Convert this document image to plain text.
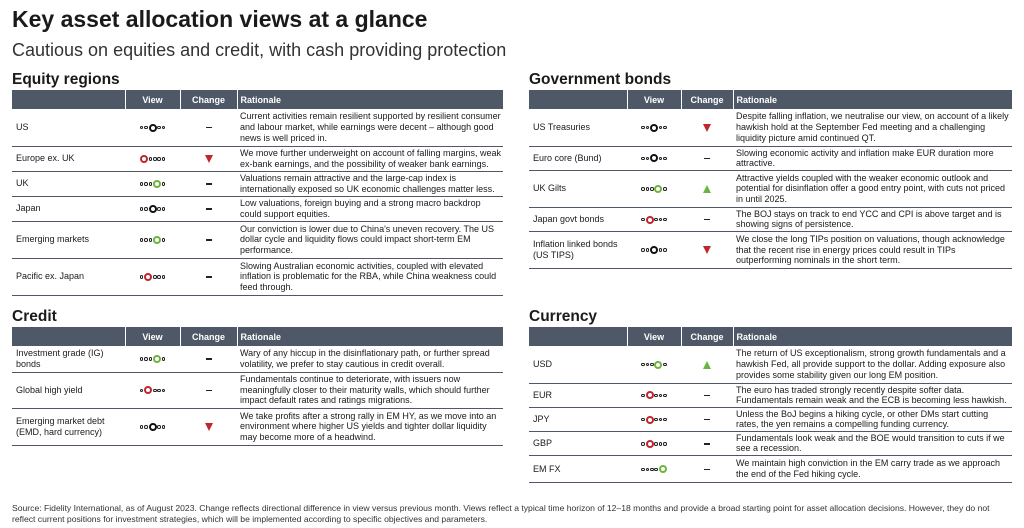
Key asset allocation views at a glance
Cautious on equities and credit, with cash providing protection
Equity regions
	View	Change	Rationale
US			Current activities remain resilient supported by resilient consumer and labour market, while earnings were decent – although good news is well priced in.
Europe ex. UK			We move further underweight on account of falling margins, weak ex-bank earnings, and the possibility of weaker bank earnings.
UK			Valuations remain attractive and the large-cap index is internationally exposed so UK economic challenges matter less.
Japan			Low valuations, foreign buying and a strong macro backdrop could support equities.
Emerging markets			Our conviction is lower due to China's uneven recovery. The US dollar cycle and liquidity flows could impact short-term EM performance.
Pacific ex. Japan			Slowing Australian economic activities, coupled with elevated inflation is problematic for the RBA, while China weakness could feed through.
Credit
	View	Change	Rationale
Investment grade (IG) bonds			Wary of any hiccup in the disinflationary path, or further spread volatility, we prefer to stay cautious in credit overall.
Global high yield			Fundamentals continue to deteriorate, with issuers now meaningfully closer to their maturity walls, which should further impact default rates and ratings migrations.
Emerging market debt (EMD, hard currency)			We take profits after a strong rally in EM HY, as we move into an environment where higher US yields and tighter dollar liquidity may become more of a headwind.
Government bonds
	View	Change	Rationale
US Treasuries			Despite falling inflation, we neutralise our view, on account of a likely hawkish hold at the September Fed meeting and a challenging liquidity picture amid continued QT.
Euro core (Bund)			Slowing economic activity and inflation make EUR duration more attractive.
UK Gilts			Attractive yields coupled with the weaker economic outlook and potential for disinflation offer a good entry point, with cuts not priced in until 2025.
Japan govt bonds			The BOJ stays on track to end YCC and CPI is above target and is showing signs of persistence.
Inflation linked bonds (US TIPS)			We close the long TIPs position on valuations, though acknowledge that the recent rise in energy prices could result in TIPs outperforming nominals in the short term.
Currency
	View	Change	Rationale
USD			The return of US exceptionalism, strong growth fundamentals and a hawkish Fed, all provide support to the dollar. Adding exposure also provides some stability given our long EM position.
EUR			The euro has traded strongly recently despite softer data. Fundamentals remain weak and the ECB is becoming less hawkish.
JPY			Unless the BoJ begins a hiking cycle, or other DMs start cutting rates, the yen remains a compelling funding currency.
GBP			Fundamentals look weak and the BOE would transition to cuts if we see a recession.
EM FX			We maintain high conviction in the EM carry trade as we approach the end of the Fed hiking cycle.
Source: Fidelity International, as of August 2023. Change reflects directional difference in view versus previous month. Views reflect a typical time horizon of 12–18 months and provide a broad starting point for asset allocation decisions. However, they do not reflect current positions for investment strategies, which will be implemented according to specific objectives and parameters.
